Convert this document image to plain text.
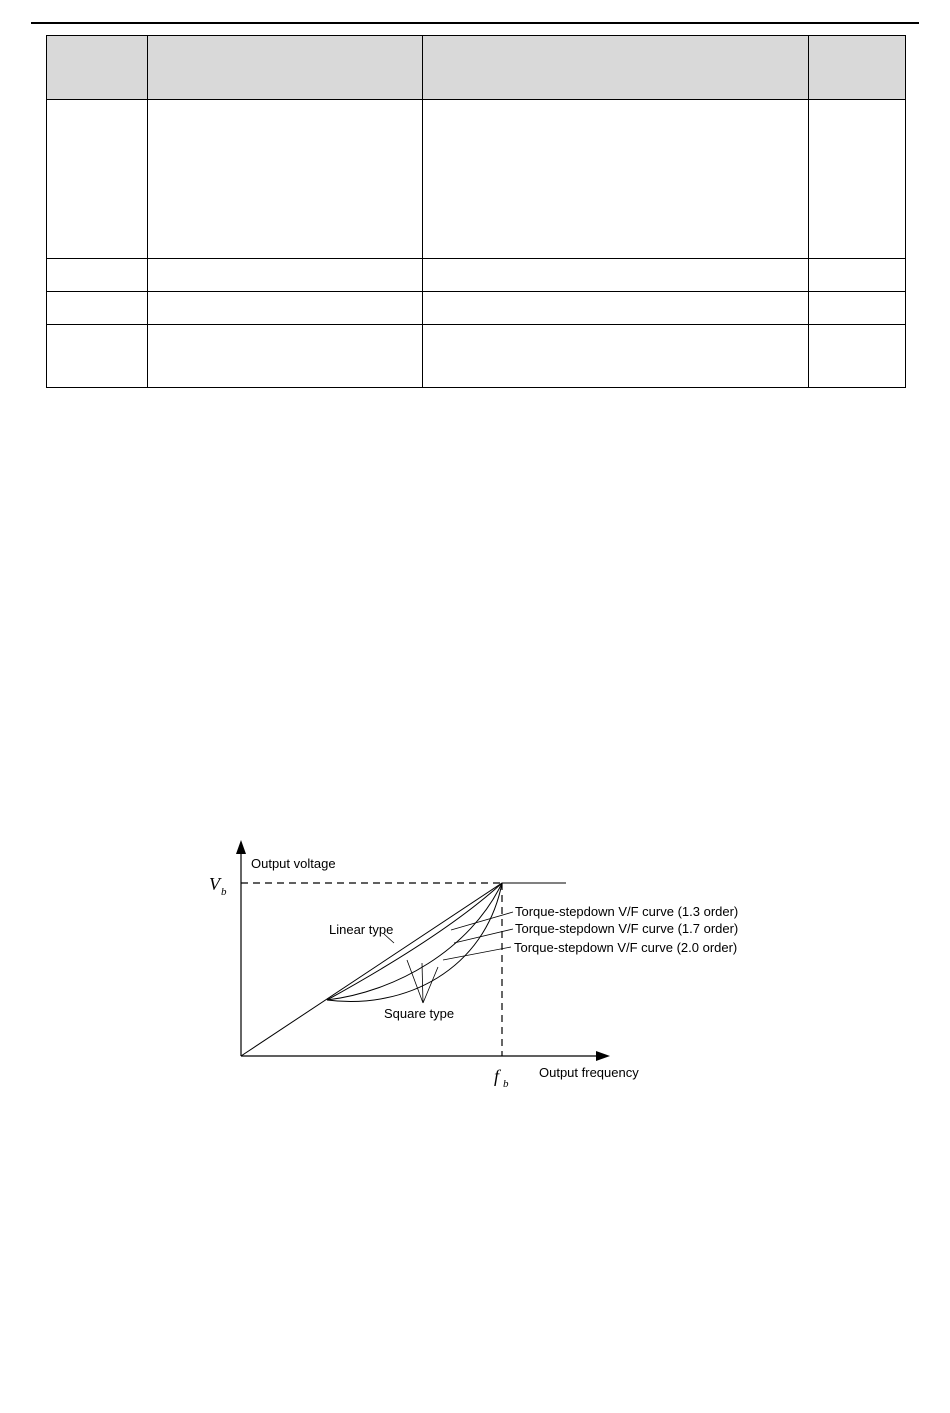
Output voltage
Output frequency
V b
f b
Linear type
Square type
Torque-stepdown V/F curve (1.3 order)
Torque-stepdown V/F curve (1.7 order)
Torque-stepdown V/F curve (2.0 order)
